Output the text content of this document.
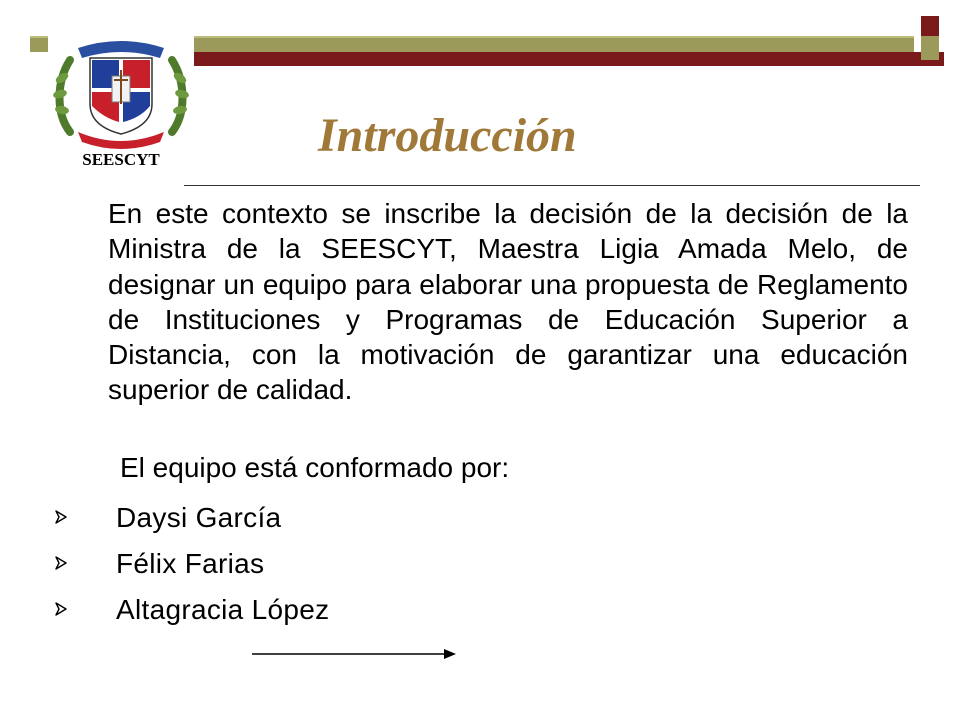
SEESCYT	Introducción

En este contexto se inscribe la decisión de la decisión de la Ministra de la SEESCYT, Maestra Ligia Amada Melo, de designar un equipo para elaborar una propuesta de Reglamento de Instituciones y Programas de Educación Superior a Distancia, con la motivación de garantizar una educación superior de calidad.

El equipo está conformado por:

Daysi García
Félix Farias
Altagracia López
